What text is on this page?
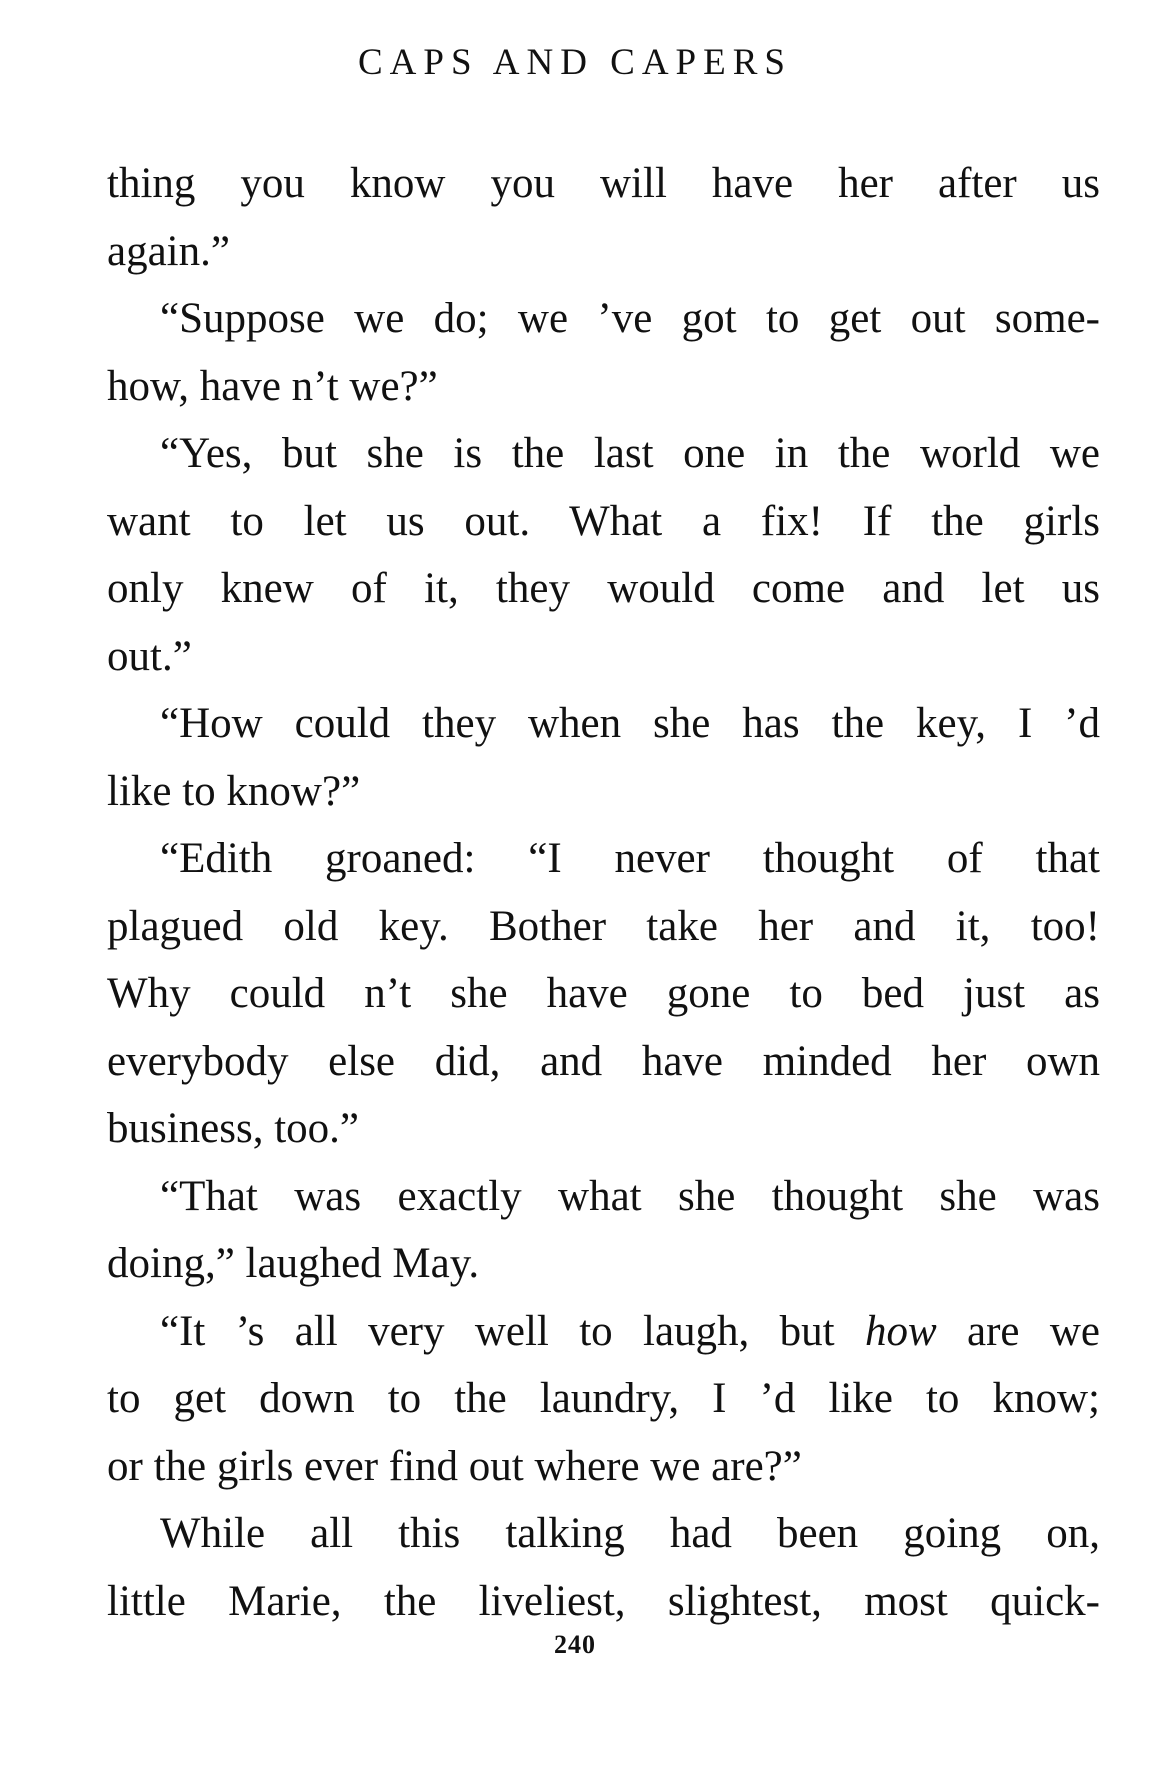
CAPS AND CAPERS
thing you know you will have her after us
again.”
“Suppose we do; we ’ve got to get out some-
how, have n’t we?”
“Yes, but she is the last one in the world we
want to let us out. What a fix! If the girls
only knew of it, they would come and let us
out.”
“How could they when she has the key, I ’d
like to know?”
“Edith groaned: “I never thought of that
plagued old key. Bother take her and it, too!
Why could n’t she have gone to bed just as
everybody else did, and have minded her own
business, too.”
“That was exactly what she thought she was
doing,” laughed May.
“It ’s all very well to laugh, but how are we
to get down to the laundry, I ’d like to know;
or the girls ever find out where we are?”
While all this talking had been going on,
little Marie, the liveliest, slightest, most quick-
240
